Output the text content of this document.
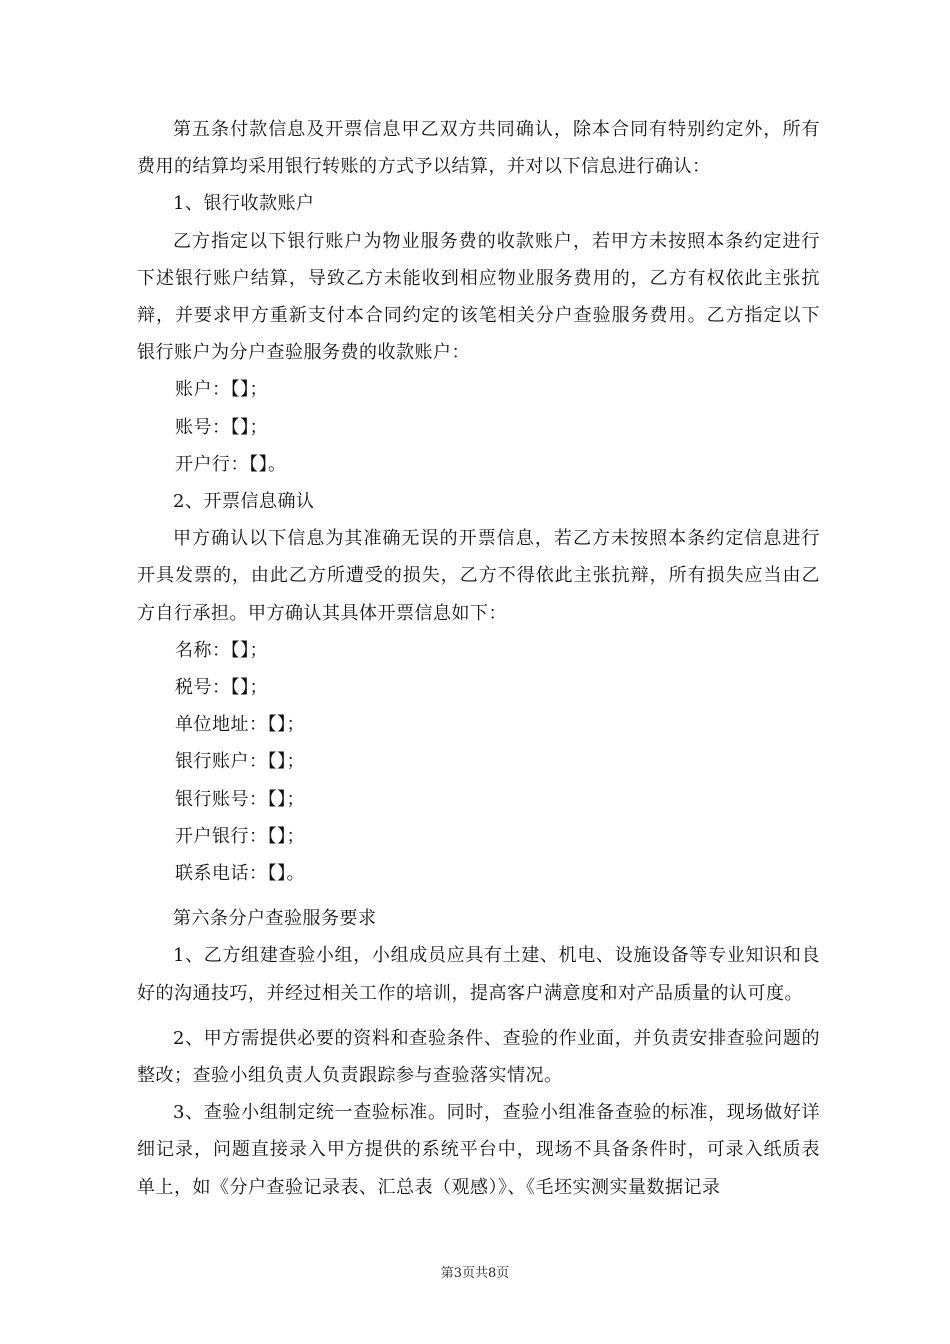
第五条付款信息及开票信息甲乙双方共同确认，除本合同有特别约定外，所有费用的结算均采用银行转账的方式予以结算，并对以下信息进行确认：

1、银行收款账户

乙方指定以下银行账户为物业服务费的收款账户，若甲方未按照本条约定进行下述银行账户结算，导致乙方未能收到相应物业服务费用的，乙方有权依此主张抗辩，并要求甲方重新支付本合同约定的该笔相关分户查验服务费用。乙方指定以下银行账户为分户查验服务费的收款账户：

账户：【】；

账号：【】；

开户行：【】。

2、开票信息确认

甲方确认以下信息为其准确无误的开票信息，若乙方未按照本条约定信息进行开具发票的，由此乙方所遭受的损失，乙方不得依此主张抗辩，所有损失应当由乙方自行承担。甲方确认其具体开票信息如下：

名称：【】；

税号：【】；

单位地址：【】；

银行账户：【】；

银行账号：【】；

开户银行：【】；

联系电话：【】。

第六条分户查验服务要求

1、乙方组建查验小组，小组成员应具有土建、机电、设施设备等专业知识和良好的沟通技巧，并经过相关工作的培训，提高客户满意度和对产品质量的认可度。

2、甲方需提供必要的资料和查验条件、查验的作业面，并负责安排查验问题的整改；查验小组负责人负责跟踪参与查验落实情况。

3、查验小组制定统一查验标准。同时，查验小组准备查验的标准，现场做好详细记录，问题直接录入甲方提供的系统平台中，现场不具备条件时，可录入纸质表单上，如《分户查验记录表、汇总表（观感）》、《毛坯实测实量数据记录

第3页共8页
